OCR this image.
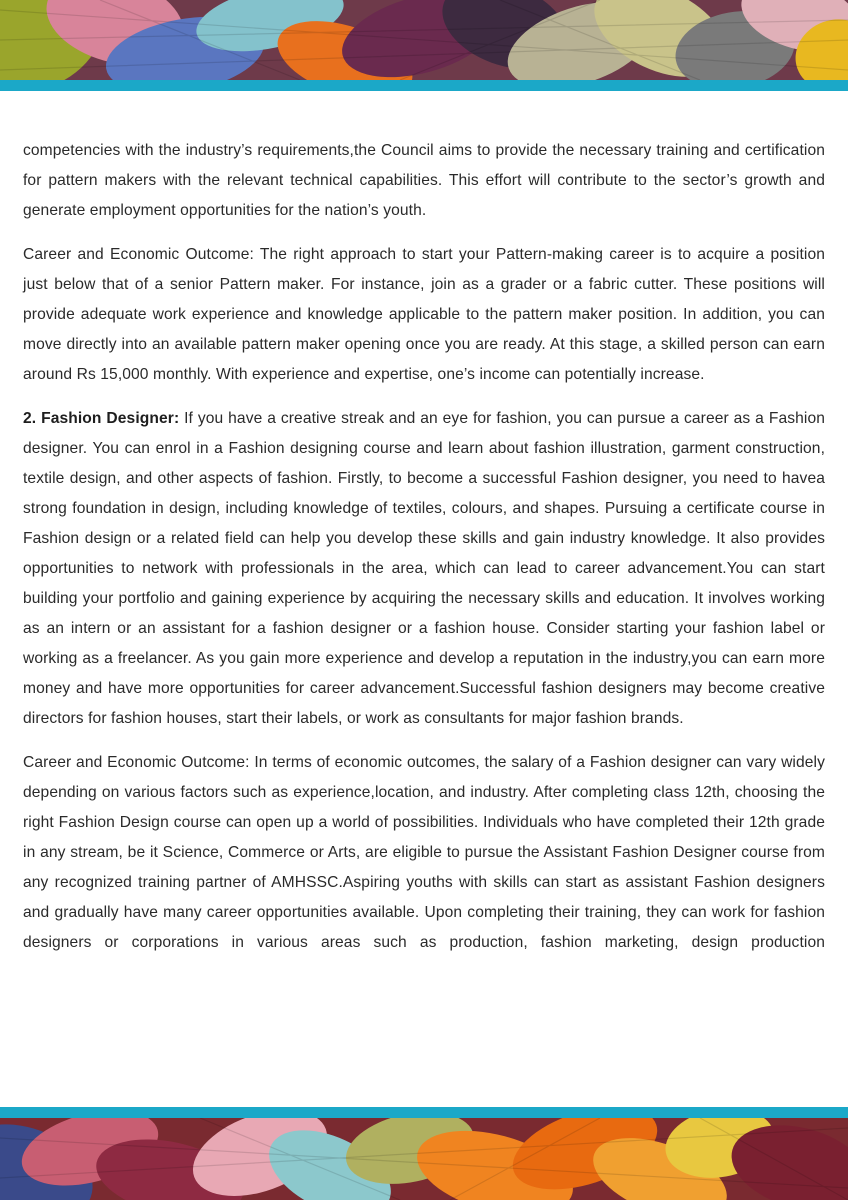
competencies with the industry’s requirements,the Council aims to provide the necessary training and certification for pattern makers with the relevant technical capabilities. This effort will contribute to the sector’s growth and generate employment opportunities for the nation’s youth.

Career and Economic Outcome: The right approach to start your Pattern-making career is to acquire a position just below that of a senior Pattern maker. For instance, join as a grader or a fabric cutter. These positions will provide adequate work experience and knowledge applicable to the pattern maker position. In addition, you can move directly into an available pattern maker opening once you are ready. At this stage, a skilled person can earn around Rs 15,000 monthly. With experience and expertise, one’s income can potentially increase.

2. Fashion Designer: If you have a creative streak and an eye for fashion, you can pursue a career as a Fashion designer. You can enrol in a Fashion designing course and learn about fashion illustration, garment construction, textile design, and other aspects of fashion. Firstly, to become a successful Fashion designer, you need to havea strong foundation in design, including knowledge of textiles, colours, and shapes. Pursuing a certificate course in Fashion design or a related field can help you develop these skills and gain industry knowledge. It also provides opportunities to network with professionals in the area, which can lead to career advancement.You can start building your portfolio and gaining experience by acquiring the necessary skills and education. It involves working as an intern or an assistant for a fashion designer or a fashion house. Consider starting your fashion label or working as a freelancer. As you gain more experience and develop a reputation in the industry,you can earn more money and have more opportunities for career advancement.Successful fashion designers may become creative directors for fashion houses, start their labels, or work as consultants for major fashion brands.

Career and Economic Outcome: In terms of economic outcomes, the salary of a Fashion designer can vary widely depending on various factors such as experience,location, and industry. After completing class 12th, choosing the right Fashion Design course can open up a world of possibilities. Individuals who have completed their 12th grade in any stream, be it Science, Commerce or Arts, are eligible to pursue the Assistant Fashion Designer course from any recognized training partner of AMHSSC.Aspiring youths with skills can start as assistant Fashion designers and gradually have many career opportunities available. Upon completing their training, they can work for fashion designers or corporations in various areas such as production, fashion marketing, design production
